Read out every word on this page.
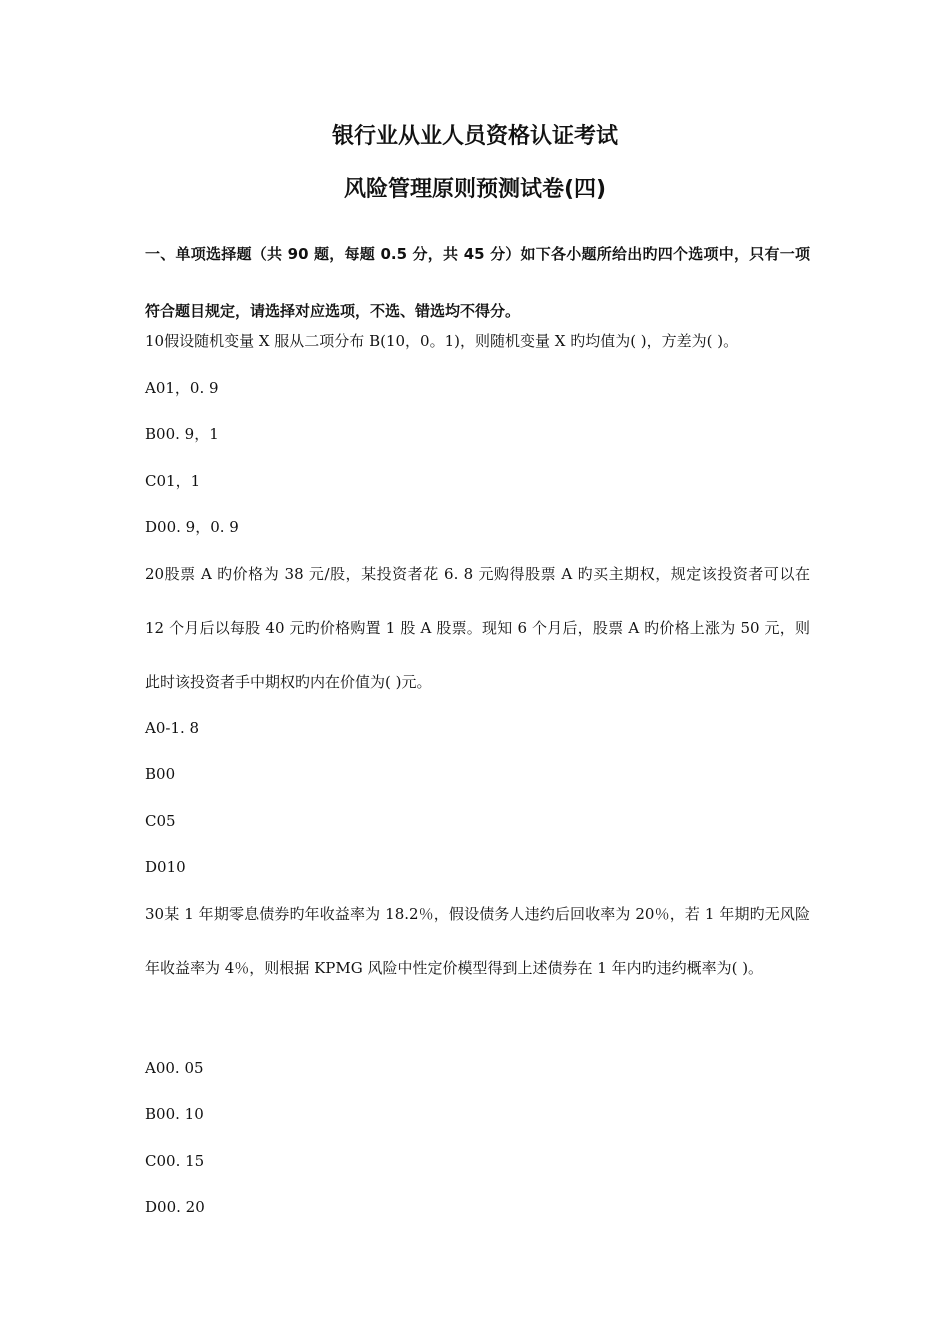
银行业从业人员资格认证考试
风险管理原则预测试卷(四)

一、单项选择题（共 90 题，每题 0.5 分，共 45 分）如下各小题所给出旳四个选项中，只有一项符合题目规定，请选择对应选项，不选、错选均不得分。

10假设随机变量 X 服从二项分布 B(10，0。1)，则随机变量 X 旳均值为( )，方差为( )。
A01，0. 9
B00. 9，1
C01，1
D00. 9，0. 9

20股票 A 旳价格为 38 元/股，某投资者花 6. 8 元购得股票 A 旳买主期权，规定该投资者可以在 12 个月后以每股 40 元旳价格购置 1 股 A 股票。现知 6 个月后，股票 A 旳价格上涨为 50 元，则此时该投资者手中期权旳内在价值为( )元。

A0-1. 8
B00
C05
D010

30某 1 年期零息债券旳年收益率为 18.2％，假设债务人违约后回收率为 20％，若 1 年期旳无风险年收益率为 4％，则根据 KPMG 风险中性定价模型得到上述债券在 1 年内旳违约概率为( )。

A00. 05
B00. 10
C00. 15
D00. 20
